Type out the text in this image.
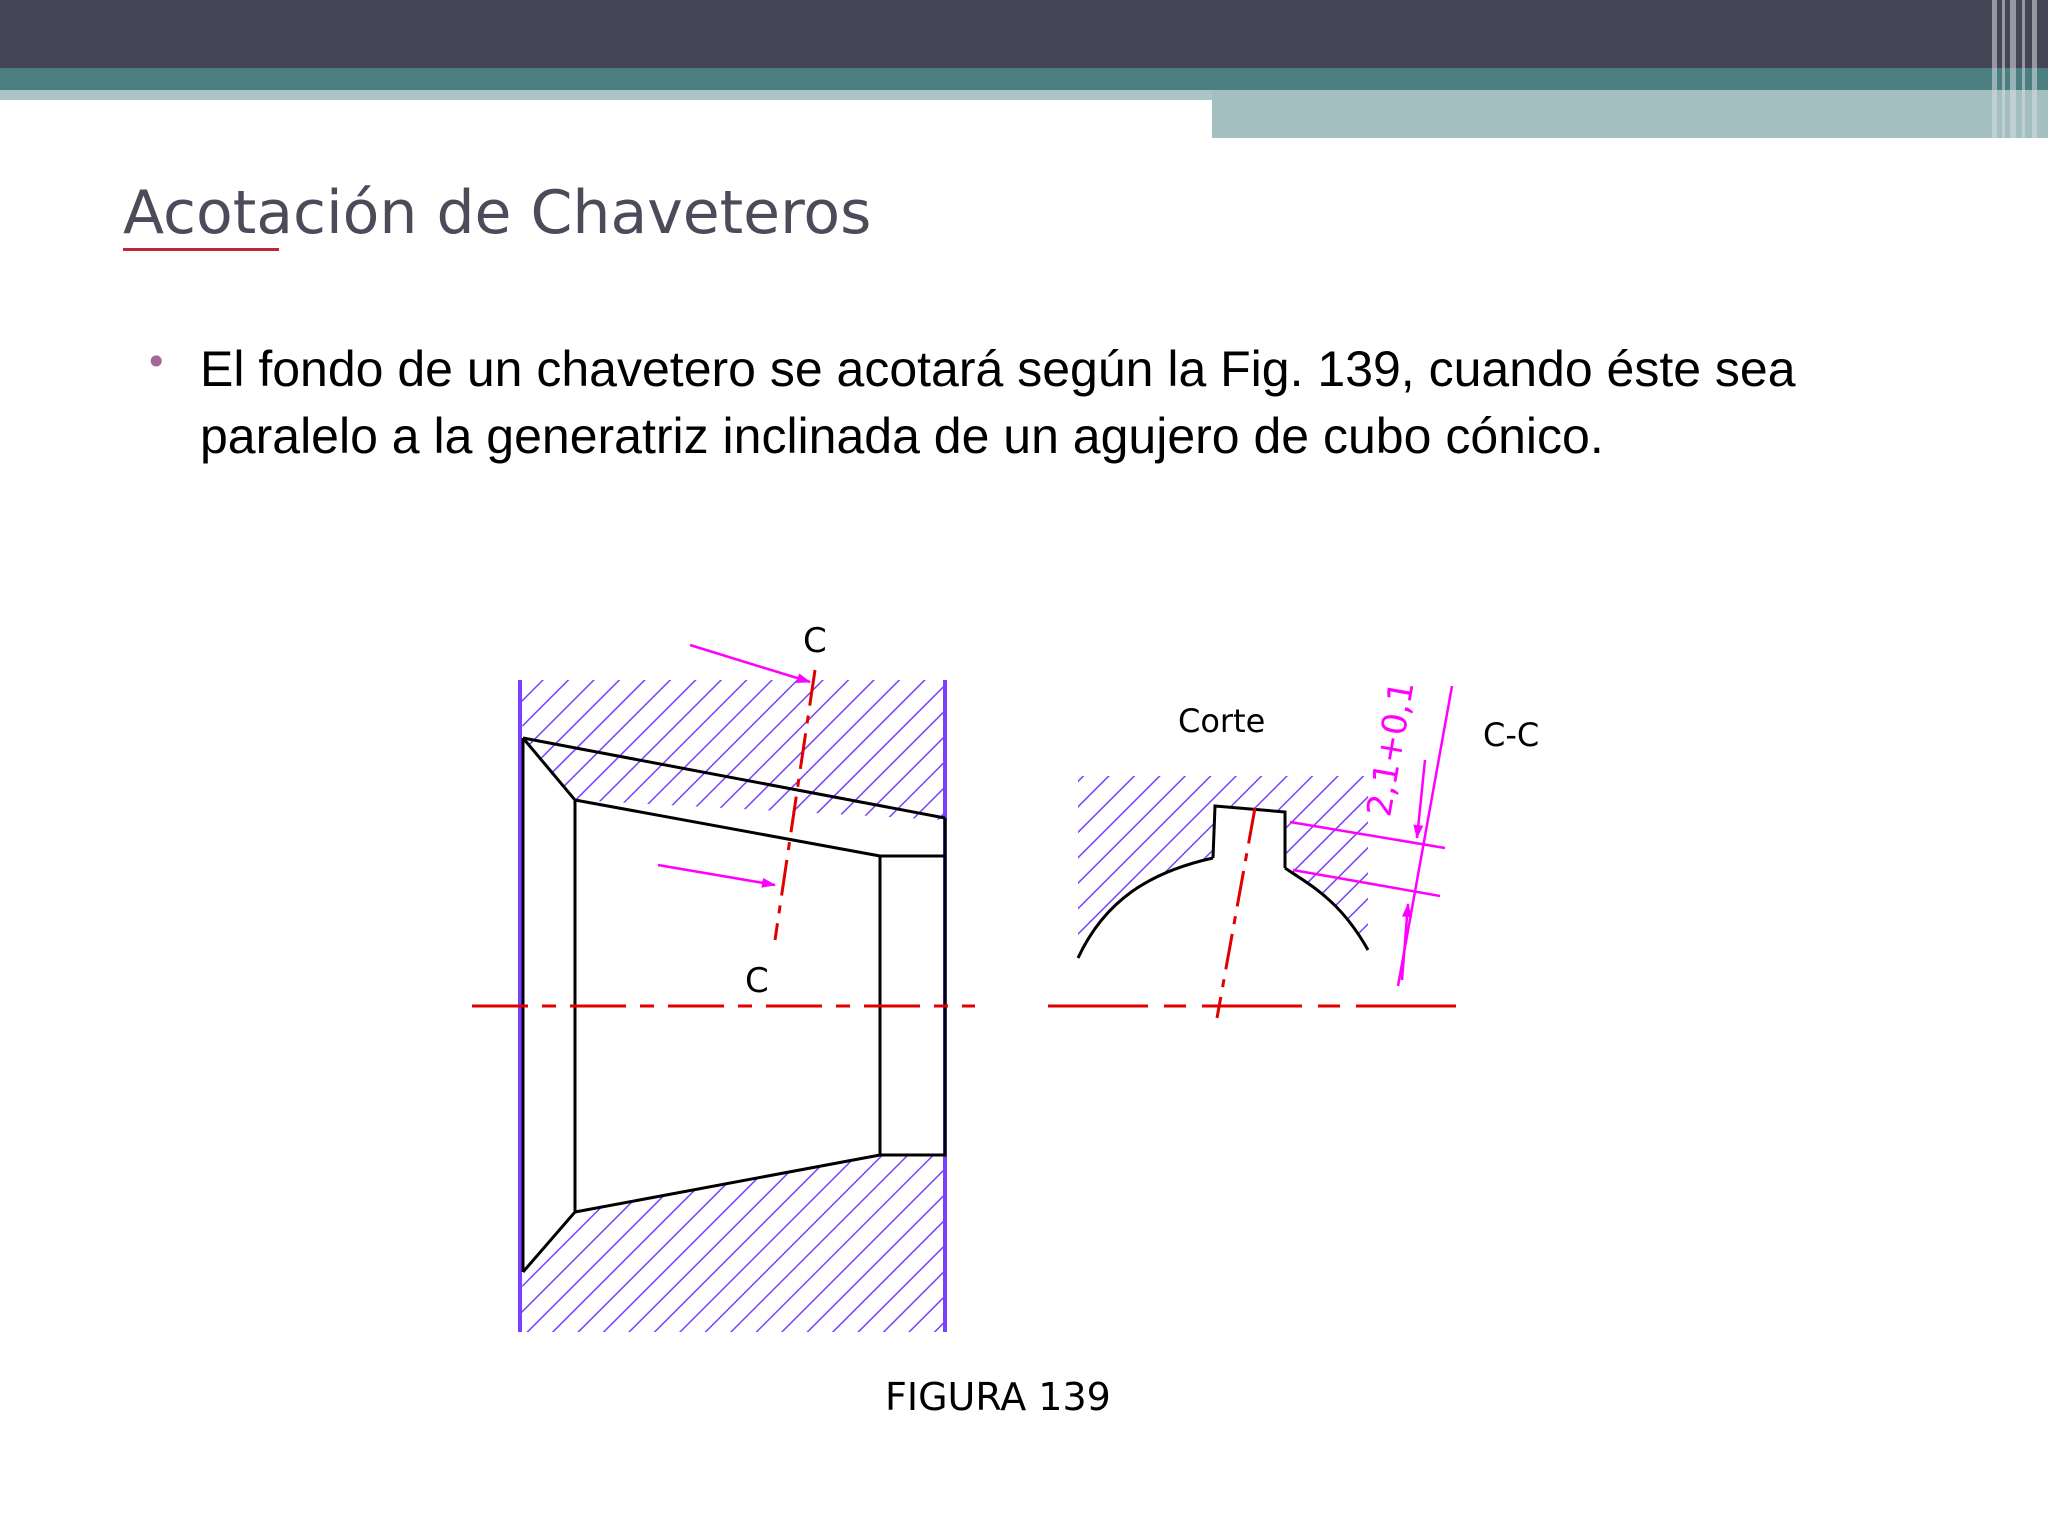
Acotación de Chaveteros
• El fondo de un chavetero se acotará según la Fig. 139, cuando éste sea paralelo a la generatriz inclinada de un agujero de cubo cónico.

C
C
2,1+0,1
Corte	C-C
FIGURA 139
